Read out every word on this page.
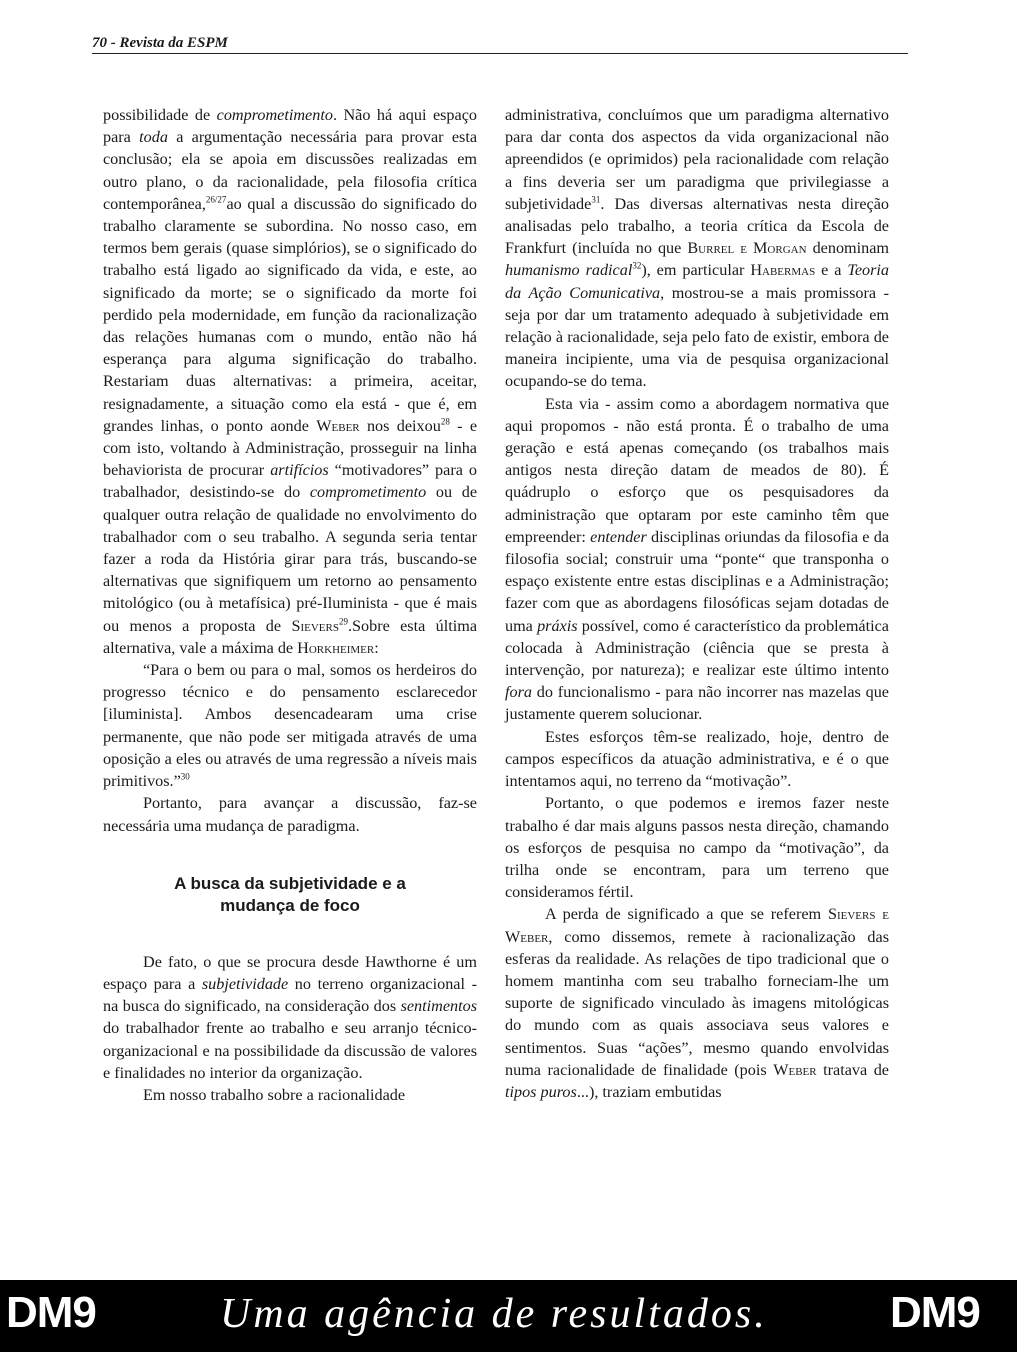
70 - Revista da ESPM

possibilidade de comprometimento. Não há aqui espaço para toda a argumentação necessária para provar esta conclusão; ela se apoia em discussões realizadas em outro plano, o da racionalidade, pela filosofia crítica contemporânea,$^{26/27}$ao qual a discussão do significado do trabalho claramente se subordina. No nosso caso, em termos bem gerais (quase simplórios), se o significado do trabalho está ligado ao significado da vida, e este, ao significado da morte; se o significado da morte foi perdido pela modernidade, em função da racionalização das relações humanas com o mundo, então não há esperança para alguma significação do trabalho. Restariam duas alternativas: a primeira, aceitar, resignadamente, a situação como ela está - que é, em grandes linhas, o ponto aonde Weber nos deixou$^{28}$ - e com isto, voltando à Administração, prosseguir na linha behaviorista de procurar artifícios “motivadores” para o trabalhador, desistindo-se do comprometimento ou de qualquer outra relação de qualidade no envolvimento do trabalhador com o seu trabalho. A segunda seria tentar fazer a roda da História girar para trás, buscando-se alternativas que signifiquem um retorno ao pensamento mitológico (ou à metafísica) pré-Iluminista - que é mais ou menos a proposta de Sievers$^{29}$.Sobre esta última alternativa, vale a máxima de Horkheimer:

“Para o bem ou para o mal, somos os herdeiros do progresso técnico e do pensamento esclarecedor [iluminista]. Ambos desencadearam uma crise permanente, que não pode ser mitigada através de uma oposição a eles ou através de uma regressão a níveis mais primitivos.”$^{30}$

Portanto, para avançar a discussão, faz-se necessária uma mudança de paradigma.

A busca da subjetividade e a
mudança de foco

De fato, o que se procura desde Hawthorne é um espaço para a subjetividade no terreno organizacional - na busca do significado, na consideração dos sentimentos do trabalhador frente ao trabalho e seu arranjo técnico-organizacional e na possibilidade da discussão de valores e finalidades no interior da organização.

Em nosso trabalho sobre a racionalidade

administrativa, concluímos que um paradigma alternativo para dar conta dos aspectos da vida organizacional não apreendidos (e oprimidos) pela racionalidade com relação a fins deveria ser um paradigma que privilegiasse a subjetividade$^{31}$. Das diversas alternativas nesta direção analisadas pelo trabalho, a teoria crítica da Escola de Frankfurt (incluída no que Burrel e Morgan denominam humanismo radical$^{32}$), em particular Habermas e a Teoria da Ação Comunicativa, mostrou-se a mais promissora - seja por dar um tratamento adequado à subjetividade em relação à racionalidade, seja pelo fato de existir, embora de maneira incipiente, uma via de pesquisa organizacional ocupando-se do tema.

Esta via - assim como a abordagem normativa que aqui propomos - não está pronta. É o trabalho de uma geração e está apenas começando (os trabalhos mais antigos nesta direção datam de meados de 80). É quádruplo o esforço que os pesquisadores da administração que optaram por este caminho têm que empreender: entender disciplinas oriundas da filosofia e da filosofia social; construir uma “ponte“ que transponha o espaço existente entre estas disciplinas e a Administração; fazer com que as abordagens filosóficas sejam dotadas de uma práxis possível, como é característico da problemática colocada à Administração (ciência que se presta à intervenção, por natureza); e realizar este último intento fora do funcionalismo - para não incorrer nas mazelas que justamente querem solucionar.

Estes esforços têm-se realizado, hoje, dentro de campos específicos da atuação administrativa, e é o que intentamos aqui, no terreno da “motivação”.

Portanto, o que podemos e iremos fazer neste trabalho é dar mais alguns passos nesta direção, chamando os esforços de pesquisa no campo da “motivação”, da trilha onde se encontram, para um terreno que consideramos fértil.

A perda de significado a que se referem Sievers e Weber, como dissemos, remete à racionalização das esferas da realidade. As relações de tipo tradicional que o homem mantinha com seu trabalho forneciam-lhe um suporte de significado vinculado às imagens mitológicas do mundo com as quais associava seus valores e sentimentos. Suas “ações”, mesmo quando envolvidas numa racionalidade de finalidade (pois Weber tratava de tipos puros...), traziam embutidas

DM9	Uma agência de resultados.	DM9
